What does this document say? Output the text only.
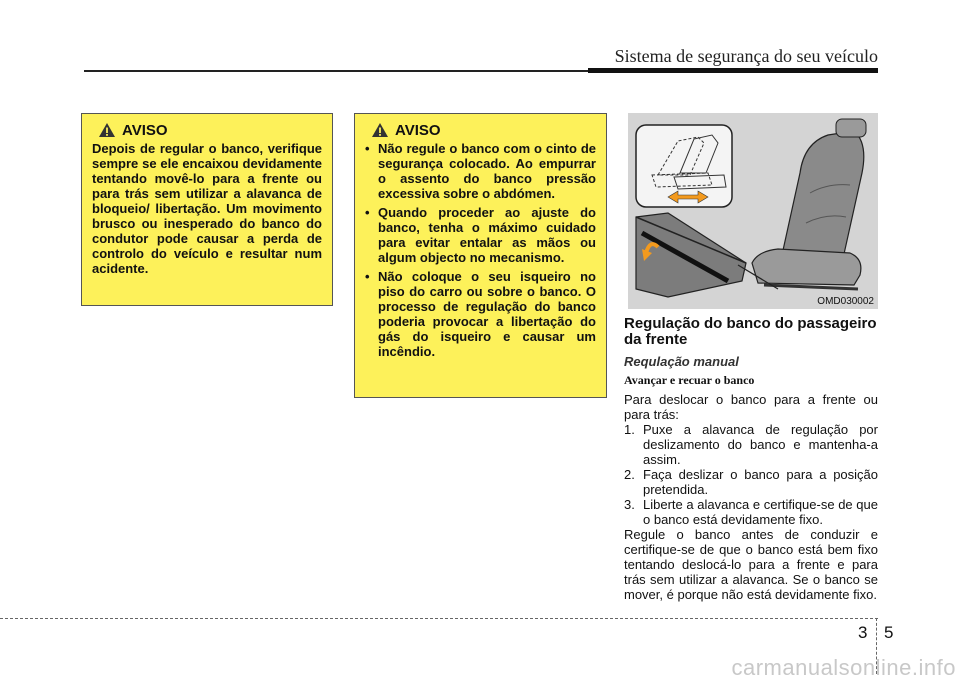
Sistema de segurança do seu veículo
AVISO
Depois de regular o banco, verifique sempre se ele encaixou devidamente tentando movê-lo para a frente ou para trás sem utilizar a alavanca de bloqueio/ libertação. Um movimento brusco ou inesperado do banco do condutor pode causar a perda de controlo do veículo e resultar num acidente.
AVISO
• Não regule o banco com o cinto de segurança colocado. Ao empurrar o assento do banco pressão excessiva sobre o abdómen.
• Quando proceder ao ajuste do banco, tenha o máximo cuidado para evitar entalar as mãos ou algum objecto no mecanismo.
• Não coloque o seu isqueiro no piso do carro ou sobre o banco. O processo de regulação do banco poderia provocar a libertação do gás do isqueiro e causar um incêndio.
OMD030002
Regulação do banco do passageiro da frente
Requlação manual
Avançar e recuar o banco

Para deslocar o banco para a frente ou para trás:

1. Puxe a alavanca de regulação por deslizamento do banco e mantenha-a assim.
2. Faça deslizar o banco para a posição pretendida.
3. Liberte a alavanca e certifique-se de que o banco está devidamente fixo.

Regule o banco antes de conduzir e certifique-se de que o banco está bem fixo tentando deslocá-lo para a frente e para trás sem utilizar a alavanca. Se o banco se mover, é porque não está devidamente fixo.

3 5
carmanualsonline.info
